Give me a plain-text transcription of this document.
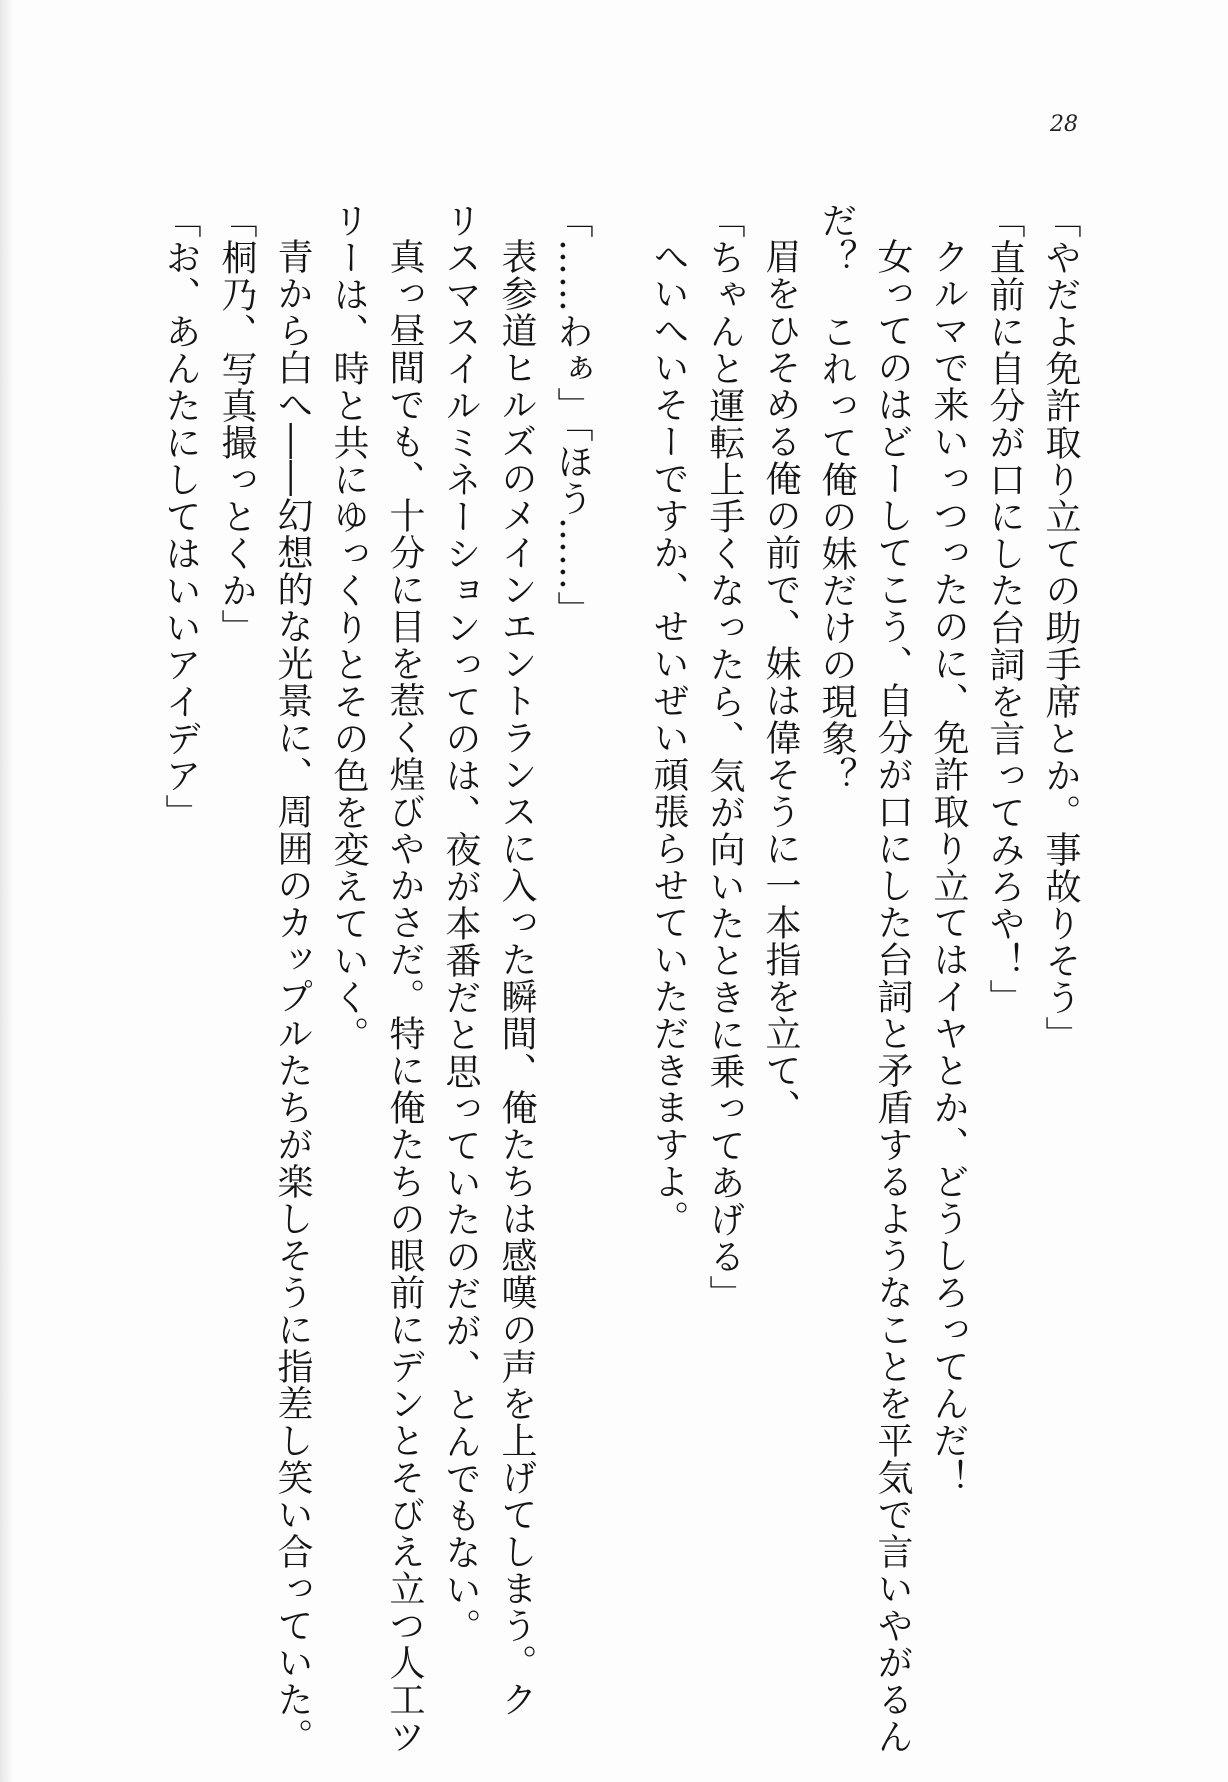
28
「やだよ免許取り立ての助手席とか。事故りそう」
「直前に自分が口にした台詞を言ってみろや！」
クルマで来いっつったのに、免許取り立てはイヤとか、どうしろってんだ！
女ってのはどーしてこう、自分が口にした台詞と矛盾するようなことを平気で言いやがるん
だ？　これって俺の妹だけの現象？
眉をひそめる俺の前で、妹は偉そうに一本指を立て、
「ちゃんと運転上手くなったら、気が向いたときに乗ってあげる」
へいへいそーですか、せいぜい頑張らせていただきますよ。
「……わぁ」「ほう……」
表参道ヒルズのメインエントランスに入った瞬間、俺たちは感嘆の声を上げてしまう。ク
リスマスイルミネーションってのは、夜が本番だと思っていたのだが、とんでもない。
真っ昼間でも、十分に目を惹く煌びやかさだ。特に俺たちの眼前にデンとそびえ立つ人工ツ
リーは、時と共にゆっくりとその色を変えていく。
青から白へ――幻想的な光景に、周囲のカップルたちが楽しそうに指差し笑い合っていた。
「桐乃、写真撮っとくか」
「お、あんたにしてはいいアイデア」
